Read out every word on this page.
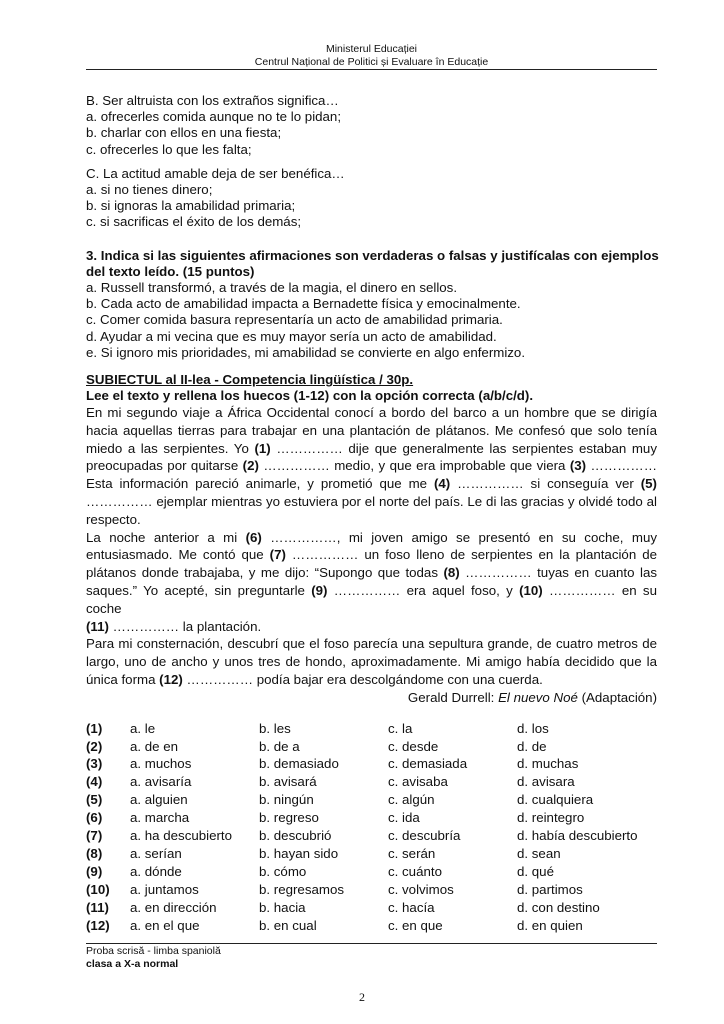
Ministerul Educației
Centrul Național de Politici și Evaluare în Educație
B. Ser altruista con los extraños significa…
a. ofrecerles comida aunque no te lo pidan;
b. charlar con ellos en una fiesta;
c. ofrecerles lo que les falta;
C. La actitud amable deja de ser benéfica…
a. si no tienes dinero;
b. si ignoras la amabilidad primaria;
c. si sacrificas el éxito de los demás;
3. Indica si las siguientes afirmaciones son verdaderas o falsas y justifícalas con ejemplos
del texto leído. (15 puntos)
a. Russell transformó, a través de la magia, el dinero en sellos.
b. Cada acto de amabilidad impacta a Bernadette física y emocinalmente.
c. Comer comida basura representaría un acto de amabilidad primaria.
d. Ayudar a mi vecina que es muy mayor sería un acto de amabilidad.
e. Si ignoro mis prioridades, mi amabilidad se convierte en algo enfermizo.
SUBIECTUL al II-lea - Competencia lingüística / 30p.
Lee el texto y rellena los huecos (1-12) con la opción correcta (a/b/c/d).
En mi segundo viaje a África Occidental conocí a bordo del barco a un hombre que se dirigía
hacia aquellas tierras para trabajar en una plantación de plátanos. Me confesó que solo tenía
miedo a las serpientes. Yo (1) …………… dije que generalmente las serpientes estaban muy
preocupadas por quitarse (2) …………… medio, y que era improbable que viera (3) ……………
Esta información pareció animarle, y prometió que me (4) …………… si conseguía ver (5)
…………… ejemplar mientras yo estuviera por el norte del país. Le di las gracias y olvidé todo al
respecto.
La noche anterior a mi (6) ……………, mi joven amigo se presentó en su coche, muy
entusiasmado. Me contó que (7) …………… un foso lleno de serpientes en la plantación de
plátanos donde trabajaba, y me dijo: “Supongo que todas (8) …………… tuyas en cuanto las
saques.” Yo acepté, sin preguntarle (9) …………… era aquel foso, y (10) …………… en su coche
(11) …………… la plantación.
Para mi consternación, descubrí que el foso parecía una sepultura grande, de cuatro metros de
largo, uno de ancho y unos tres de hondo, aproximadamente. Mi amigo había decidido que la
única forma (12) …………… podía bajar era descolgándome con una cuerda.
Gerald Durrell: El nuevo Noé (Adaptación)
(1)	a. le	b. les	c. la	d. los
(2)	a. de en	b. de a	c. desde	d. de
(3)	a. muchos	b. demasiado	c. demasiada	d. muchas
(4)	a. avisaría	b. avisará	c. avisaba	d. avisara
(5)	a. alguien	b. ningún	c. algún	d. cualquiera
(6)	a. marcha	b. regreso	c. ida	d. reintegro
(7)	a. ha descubierto	b. descubrió	c. descubría	d. había descubierto
(8)	a. serían	b. hayan sido	c. serán	d. sean
(9)	a. dónde	b. cómo	c. cuánto	d. qué
(10)	a. juntamos	b. regresamos	c. volvimos	d. partimos
(11)	a. en dirección	b. hacia	c. hacía	d. con destino
(12)	a. en el que	b. en cual	c. en que	d. en quien
Proba scrisă - limba spaniolă
clasa a X-a normal
2
